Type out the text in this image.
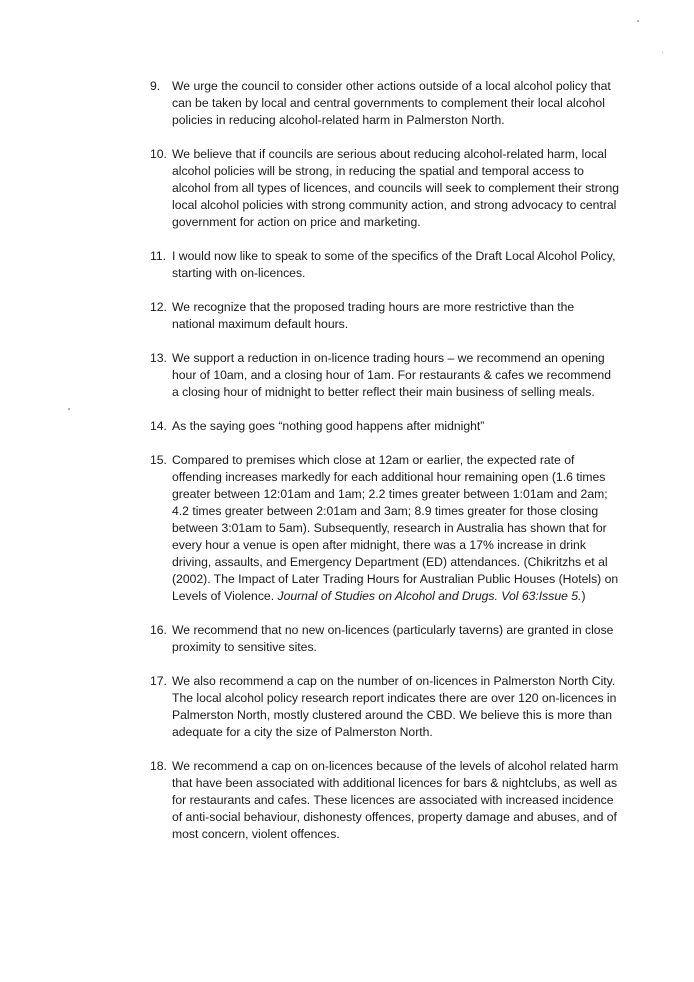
9. We urge the council to consider other actions outside of a local alcohol policy that can be taken by local and central governments to complement their local alcohol policies in reducing alcohol-related harm in Palmerston North.
10. We believe that if councils are serious about reducing alcohol-related harm, local alcohol policies will be strong, in reducing the spatial and temporal access to alcohol from all types of licences, and councils will seek to complement their strong local alcohol policies with strong community action, and strong advocacy to central government for action on price and marketing.
11. I would now like to speak to some of the specifics of the Draft Local Alcohol Policy, starting with on-licences.
12. We recognize that the proposed trading hours are more restrictive than the national maximum default hours.
13. We support a reduction in on-licence trading hours – we recommend an opening hour of 10am, and a closing hour of 1am. For restaurants & cafes we recommend a closing hour of midnight to better reflect their main business of selling meals.
14. As the saying goes “nothing good happens after midnight”
15. Compared to premises which close at 12am or earlier, the expected rate of offending increases markedly for each additional hour remaining open (1.6 times greater between 12:01am and 1am; 2.2 times greater between 1:01am and 2am; 4.2 times greater between 2:01am and 3am; 8.9 times greater for those closing between 3:01am to 5am). Subsequently, research in Australia has shown that for every hour a venue is open after midnight, there was a 17% increase in drink driving, assaults, and Emergency Department (ED) attendances. (Chikritzhs et al (2002). The Impact of Later Trading Hours for Australian Public Houses (Hotels) on Levels of Violence. Journal of Studies on Alcohol and Drugs. Vol 63:Issue 5.)
16. We recommend that no new on-licences (particularly taverns) are granted in close proximity to sensitive sites.
17. We also recommend a cap on the number of on-licences in Palmerston North City. The local alcohol policy research report indicates there are over 120 on-licences in Palmerston North, mostly clustered around the CBD. We believe this is more than adequate for a city the size of Palmerston North.
18. We recommend a cap on on-licences because of the levels of alcohol related harm that have been associated with additional licences for bars & nightclubs, as well as for restaurants and cafes. These licences are associated with increased incidence of anti-social behaviour, dishonesty offences, property damage and abuses, and of most concern, violent offences.
